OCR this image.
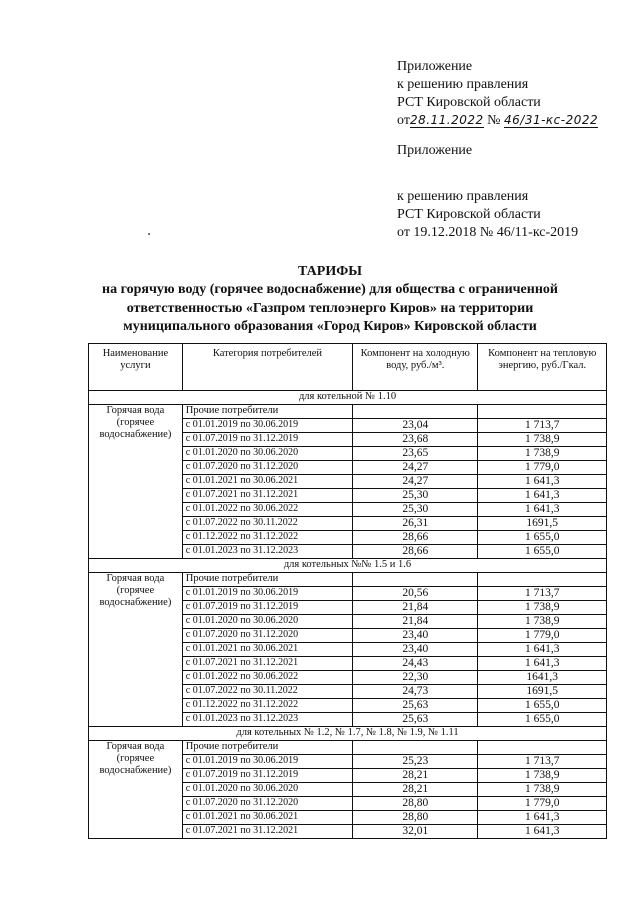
Приложение
к решению правления
РСТ Кировской области
от28.11.2022 № 46/31-кс-2022
Приложение
к решению правления
РСТ Кировской области
от 19.12.2018 № 46/11-кс-2019
ТАРИФЫ
на горячую воду (горячее водоснабжение) для общества с ограниченной
ответственностью «Газпром теплоэнерго Киров» на территории
муниципального образования «Город Киров» Кировской области
Наименование услуги	Категория потребителей	Компонент на холодную воду, руб./м³.	Компонент на тепловую энергию, руб./Гкал.
для котельной № 1.10			
Горячая вода (горячее водоснабжение)	Прочие потребители		
	с 01.01.2019 по 30.06.2019	23,04	1 713,7
	с 01.07.2019 по 31.12.2019	23,68	1 738,9
	с 01.01.2020 по 30.06.2020	23,65	1 738,9
	с 01.07.2020 по 31.12.2020	24,27	1 779,0
	с 01.01.2021 по 30.06.2021	24,27	1 641,3
	с 01.07.2021 по 31.12.2021	25,30	1 641,3
	с 01.01.2022 по 30.06.2022	25,30	1 641,3
	с 01.07.2022 по 30.11.2022	26,31	1691,5
	с 01.12.2022 по 31.12.2022	28,66	1 655,0
	с 01.01.2023 по 31.12.2023	28,66	1 655,0
для котельных №№ 1.5 и 1.6			
Горячая вода (горячее водоснабжение)	Прочие потребители		
	с 01.01.2019 по 30.06.2019	20,56	1 713,7
	с 01.07.2019 по 31.12.2019	21,84	1 738,9
	с 01.01.2020 по 30.06.2020	21,84	1 738,9
	с 01.07.2020 по 31.12.2020	23,40	1 779,0
	с 01.01.2021 по 30.06.2021	23,40	1 641,3
	с 01.07.2021 по 31.12.2021	24,43	1 641,3
	с 01.01.2022 по 30.06.2022	22,30	1641,3
	с 01.07.2022 по 30.11.2022	24,73	1691,5
	с 01.12.2022 по 31.12.2022	25,63	1 655,0
	с 01.01.2023 по 31.12.2023	25,63	1 655,0
для котельных № 1.2, № 1.7, № 1.8, № 1.9, № 1.11			
Горячая вода (горячее водоснабжение)	Прочие потребители		
	с 01.01.2019 по 30.06.2019	25,23	1 713,7
	с 01.07.2019 по 31.12.2019	28,21	1 738,9
	с 01.01.2020 по 30.06.2020	28,21	1 738,9
	с 01.07.2020 по 31.12.2020	28,80	1 779,0
	с 01.01.2021 по 30.06.2021	28,80	1 641,3
	с 01.07.2021 по 31.12.2021	32,01	1 641,3
